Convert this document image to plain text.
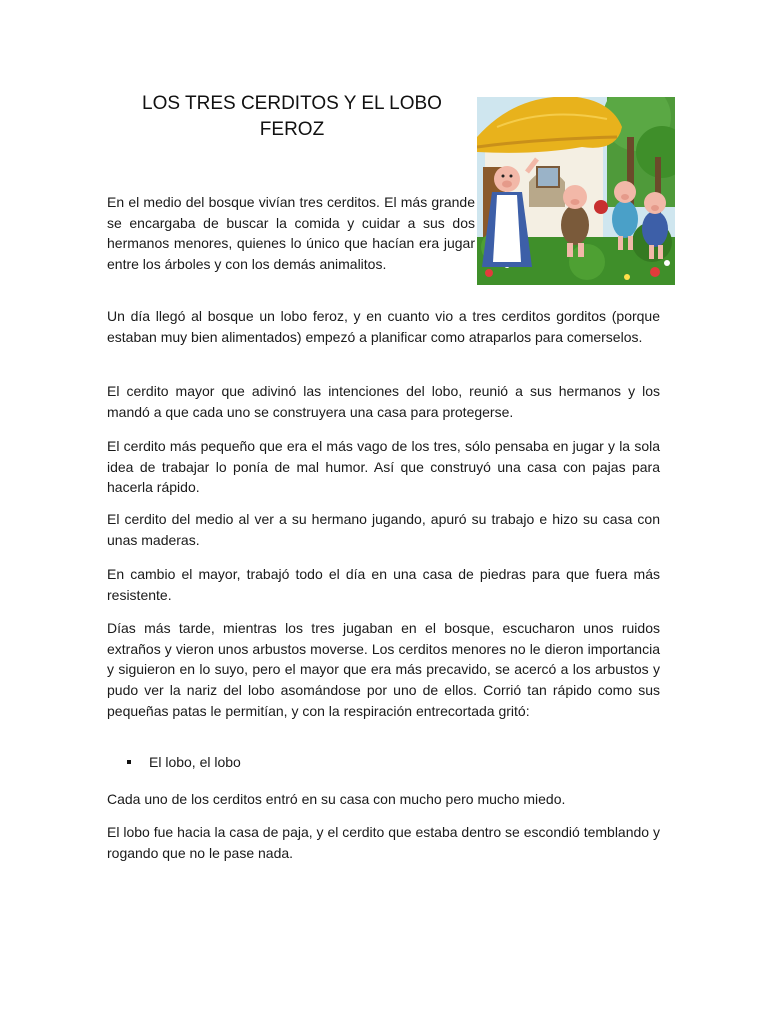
LOS TRES CERDITOS Y EL LOBO
FEROZ

En el medio del bosque vivían tres cerditos. El más grande se encargaba de buscar la comida y cuidar a sus dos hermanos menores, quienes lo único que hacían era jugar entre los árboles y con los demás animalitos.

Un día llegó al bosque un lobo feroz, y en cuanto vio a tres cerditos gorditos (porque estaban muy bien alimentados) empezó a planificar como atraparlos para comerselos.

El cerdito mayor que adivinó las intenciones del lobo, reunió a sus hermanos y los mandó a que cada uno se construyera una casa para protegerse.

El cerdito más pequeño que era el más vago de los tres, sólo pensaba en jugar y la sola idea de trabajar lo ponía de mal humor. Así que construyó una casa con pajas para hacerla rápido.

El cerdito del medio al ver a su hermano jugando, apuró su trabajo e hizo su casa con unas maderas.

En cambio el mayor, trabajó todo el día en una casa de piedras para que fuera más resistente.

Días más tarde, mientras los tres jugaban en el bosque, escucharon unos ruidos extraños y vieron unos arbustos moverse. Los cerditos menores no le dieron importancia y siguieron en lo suyo, pero el mayor que era más precavido, se acercó a los arbustos y pudo ver la nariz del lobo asomándose por uno de ellos. Corrió tan rápido como sus pequeñas patas le permitían, y con la respiración entrecortada gritó:

El lobo, el lobo

Cada uno de los cerditos entró en su casa con mucho pero mucho miedo.

El lobo fue hacia la casa de paja, y el cerdito que estaba dentro se escondió temblando y rogando que no le pase nada.
